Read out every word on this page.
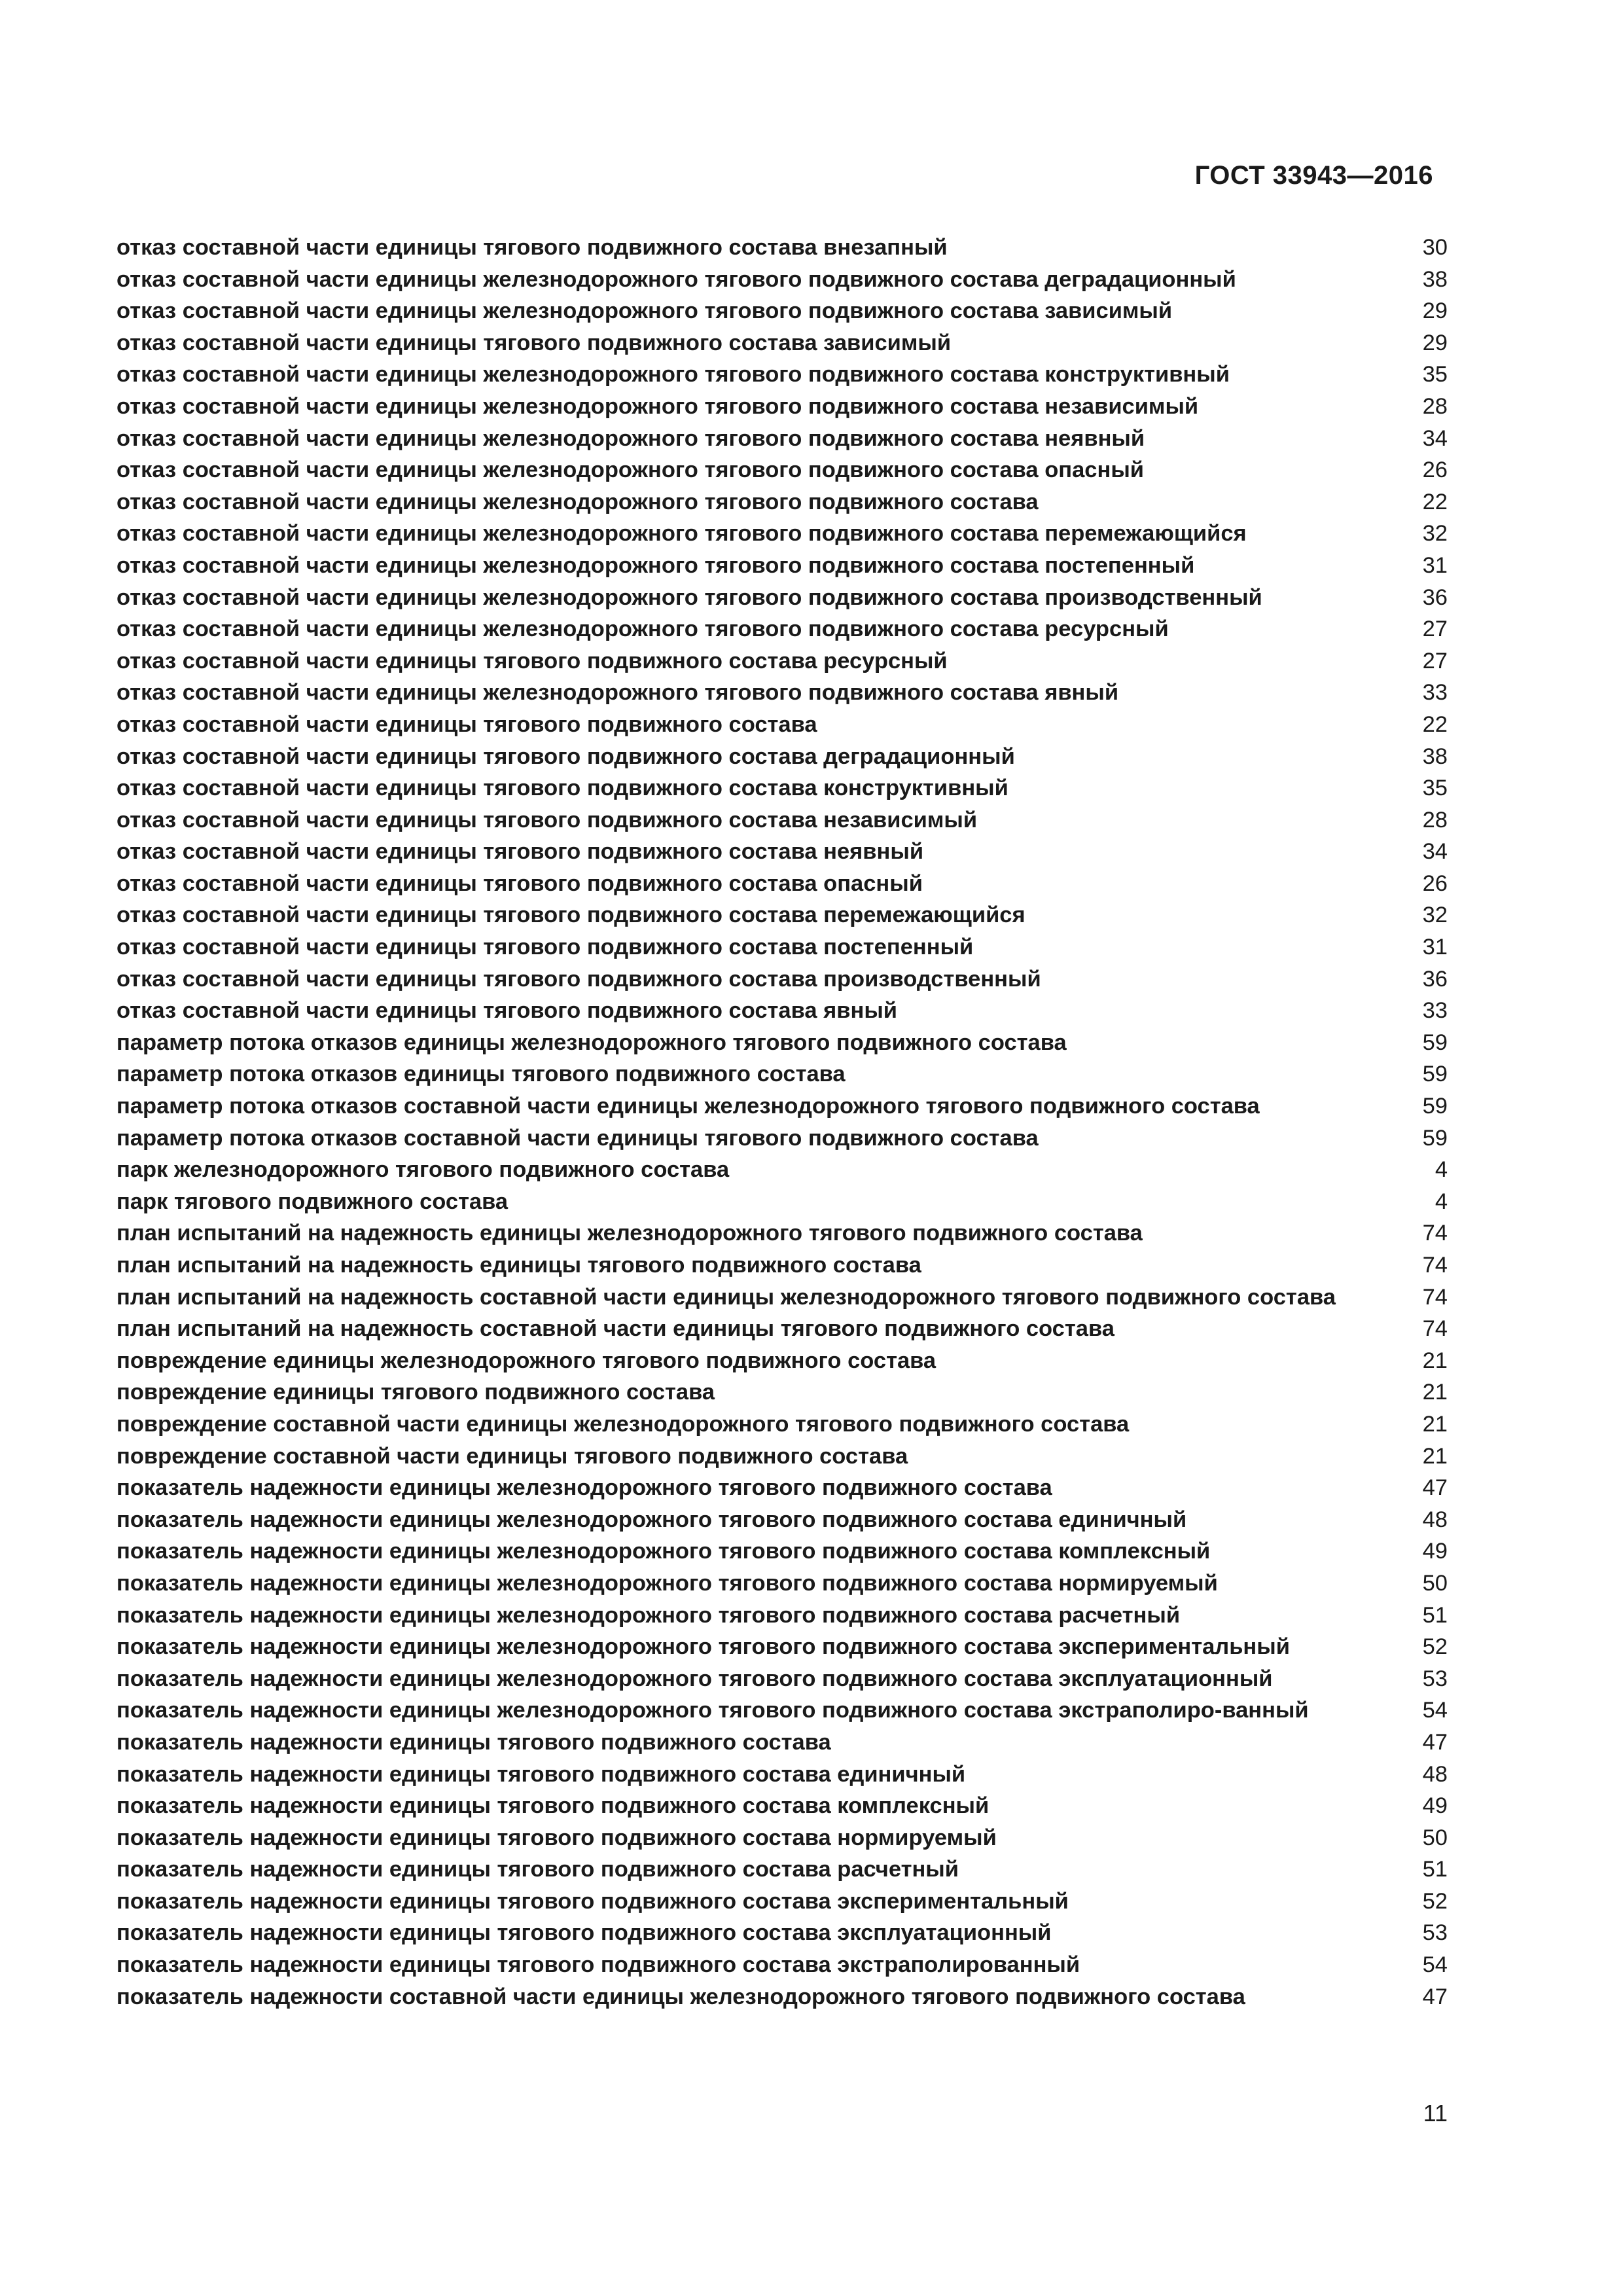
ГОСТ 33943—2016
отказ составной части единицы тягового подвижного состава внезапный	30
отказ составной части единицы железнодорожного тягового подвижного состава деградационный	38
отказ составной части единицы железнодорожного тягового подвижного состава зависимый	29
отказ составной части единицы тягового подвижного состава зависимый	29
отказ составной части единицы железнодорожного тягового подвижного состава конструктивный	35
отказ составной части единицы железнодорожного тягового подвижного состава независимый	28
отказ составной части единицы железнодорожного тягового подвижного состава неявный	34
отказ составной части единицы железнодорожного тягового подвижного состава опасный	26
отказ составной части единицы железнодорожного тягового подвижного состава	22
отказ составной части единицы железнодорожного тягового подвижного состава перемежающийся	32
отказ составной части единицы железнодорожного тягового подвижного состава постепенный	31
отказ составной части единицы железнодорожного тягового подвижного состава производственный	36
отказ составной части единицы железнодорожного тягового подвижного состава ресурсный	27
отказ составной части единицы тягового подвижного состава ресурсный	27
отказ составной части единицы железнодорожного тягового подвижного состава явный	33
отказ составной части единицы тягового подвижного состава	22
отказ составной части единицы тягового подвижного состава деградационный	38
отказ составной части единицы тягового подвижного состава конструктивный	35
отказ составной части единицы тягового подвижного состава независимый	28
отказ составной части единицы тягового подвижного состава неявный	34
отказ составной части единицы тягового подвижного состава опасный	26
отказ составной части единицы тягового подвижного состава перемежающийся	32
отказ составной части единицы тягового подвижного состава постепенный	31
отказ составной части единицы тягового подвижного состава производственный	36
отказ составной части единицы тягового подвижного состава явный	33
параметр потока отказов единицы железнодорожного тягового подвижного состава	59
параметр потока отказов единицы тягового подвижного состава	59
параметр потока отказов составной части единицы железнодорожного тягового подвижного состава	59
параметр потока отказов составной части единицы тягового подвижного состава	59
парк железнодорожного тягового подвижного состава	4
парк тягового подвижного состава	4
план испытаний на надежность единицы железнодорожного тягового подвижного состава	74
план испытаний на надежность единицы тягового подвижного состава	74
план испытаний на надежность составной части единицы железнодорожного тягового подвижного состава	74
план испытаний на надежность составной части единицы тягового подвижного состава	74
повреждение единицы железнодорожного тягового подвижного состава	21
повреждение единицы тягового подвижного состава	21
повреждение составной части единицы железнодорожного тягового подвижного состава	21
повреждение составной части единицы тягового подвижного состава	21
показатель надежности единицы железнодорожного тягового подвижного состава	47
показатель надежности единицы железнодорожного тягового подвижного состава единичный	48
показатель надежности единицы железнодорожного тягового подвижного состава комплексный	49
показатель надежности единицы железнодорожного тягового подвижного состава нормируемый	50
показатель надежности единицы железнодорожного тягового подвижного состава расчетный	51
показатель надежности единицы железнодорожного тягового подвижного состава экспериментальный	52
показатель надежности единицы железнодорожного тягового подвижного состава эксплуатационный	53
показатель надежности единицы железнодорожного тягового подвижного состава экстраполиро-ванный	54
показатель надежности единицы тягового подвижного состава	47
показатель надежности единицы тягового подвижного состава единичный	48
показатель надежности единицы тягового подвижного состава комплексный	49
показатель надежности единицы тягового подвижного состава нормируемый	50
показатель надежности единицы тягового подвижного состава расчетный	51
показатель надежности единицы тягового подвижного состава экспериментальный	52
показатель надежности единицы тягового подвижного состава эксплуатационный	53
показатель надежности единицы тягового подвижного состава экстраполированный	54
показатель надежности составной части единицы железнодорожного тягового подвижного состава	47
11
